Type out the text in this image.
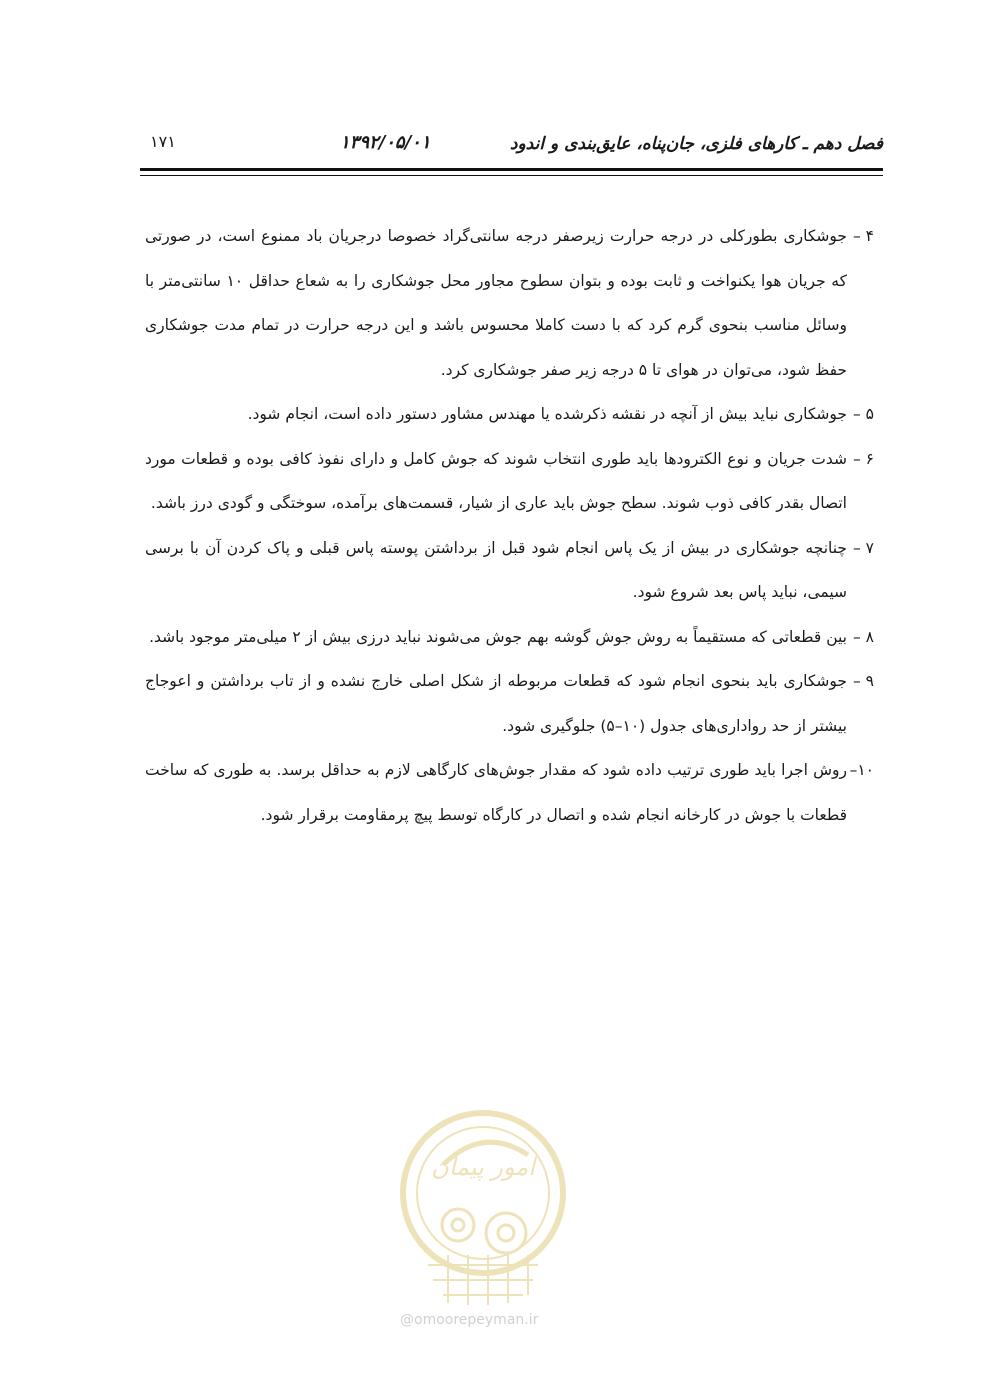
فصل دهم ـ کارهای فلزی، جان‌پناه، عایق‌بندی و اندود
۱۳۹۲/۰۵/۰۱
۱۷۱
۴ –
جوشکاری بطورکلی در درجه حرارت زیرصفر درجه سانتی‌گراد خصوصا درجریان باد ممنوع است، در صورتی که جریان هوا یکنواخت و ثابت بوده و بتوان سطوح مجاور محل جوشکاری را به شعاع حداقل ۱۰ سانتی‌متر با وسائل مناسب بنحوی گرم کرد که با دست کاملا محسوس باشد و این درجه حرارت در تمام مدت جوشکاری حفظ شود، می‌توان در هوای تا ۵ درجه زیر صفر جوشکاری کرد.
۵ –
جوشکاری نباید بیش از آنچه در نقشه ذکرشده یا مهندس مشاور دستور داده است، انجام شود.
۶ –
شدت جریان و نوع الکترودها باید طوری انتخاب شوند که جوش کامل و دارای نفوذ کافی بوده و قطعات مورد اتصال بقدر کافی ذوب شوند. سطح جوش باید عاری از شیار، قسمت‌های برآمده، سوختگی و گودی درز باشد.
۷ –
چنانچه جوشکاری در بیش از یک پاس انجام شود قبل از برداشتن پوسته پاس قبلی و پاک کردن آن با برسی سیمی، نباید پاس بعد شروع شود.
۸ –
بین قطعاتی که مستقیماً به روش جوش گوشه بهم جوش می‌شوند نباید درزی بیش از ۲ میلی‌متر موجود باشد.
۹ –
جوشکاری باید بنحوی انجام شود که قطعات مربوطه از شکل اصلی خارج نشده و از تاب برداشتن و اعوجاج بیشتر از حد رواداری‌های جدول (۱۰–۵) جلوگیری شود.
۱۰–
روش اجرا باید طوری ترتیب داده شود که مقدار جوش‌های کارگاهی لازم به حداقل برسد. به طوری که ساخت قطعات با جوش در کارخانه انجام شده و اتصال در کارگاه توسط پیچ پرمقاومت برقرار شود.
امور پیمان
@omoorepeyman.ir
